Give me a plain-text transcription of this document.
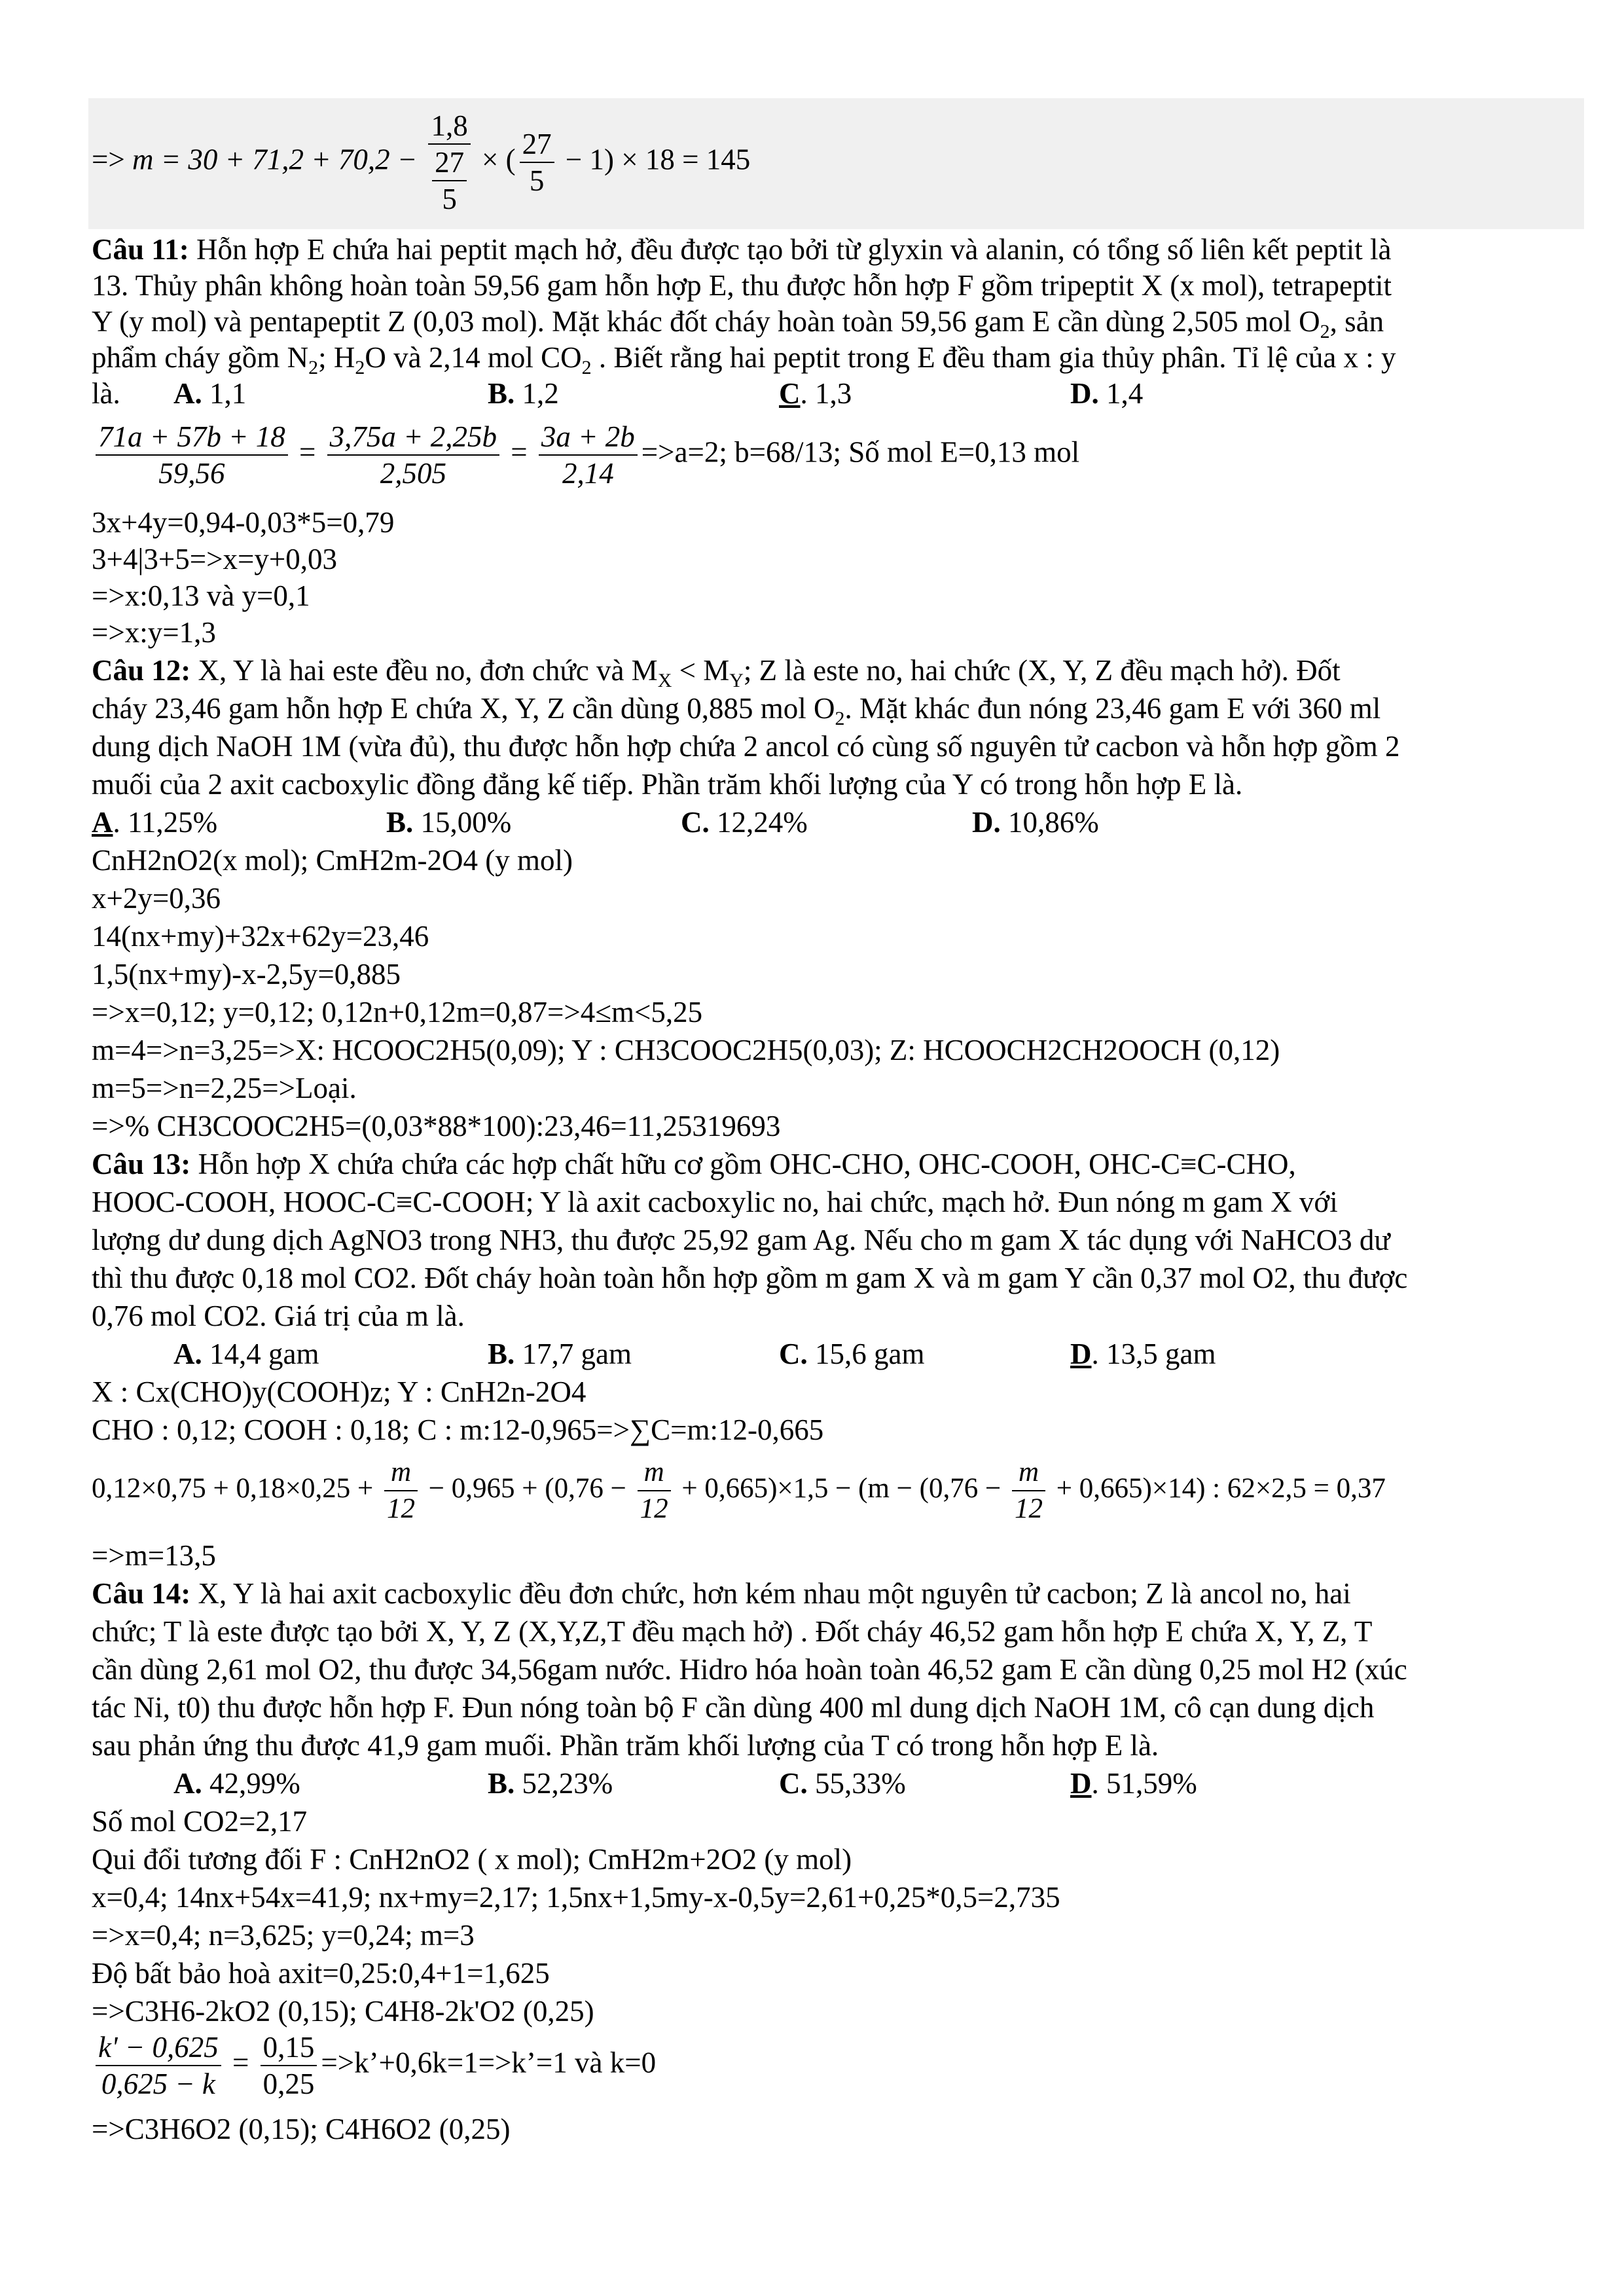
=> $m = 30 + 71,2 + 70,2 - \frac{1,8}{\frac{27}{5}}$ × ( $\frac{27}{5} - 1) \times 18 = 145$
Câu 11: Hỗn hợp E chứa hai peptit mạch hở, đều được tạo bởi từ glyxin và alanin, có tổng số liên kết peptit là
13. Thủy phân không hoàn toàn 59,56 gam hỗn hợp E, thu được hỗn hợp F gồm tripeptit X (x mol), tetrapeptit
Y (y mol) và pentapeptit Z (0,03 mol). Mặt khác đốt cháy hoàn toàn 59,56 gam E cần dùng 2,505 mol $O_2$, sản
phẩm cháy gồm $N_2$; $H_2O$ và 2,14 mol $CO_2$ . Biết rằng hai peptit trong E đều tham gia thủy phân. Tỉ lệ của x : y
là. A. 1,1	B. 1,2	C. 1,3	D. 1,4
$\frac{71a + 57b + 18}{59,56} = \frac{3,75a + 2,25b}{2,505} = \frac{3a + 2b}{2,14} =>a=2$; b=68/13; Số mol E=0,13 mol
3x+4y=0,94-0,03*5=0,79
3+4|3+5=>x=y+0,03
=>x:0,13 và y=0,1
=>x:y=1,3
Câu 12: X, Y là hai este đều no, đơn chức và $M_X < M_Y$; Z là este no, hai chức (X, Y, Z đều mạch hở). Đốt
cháy 23,46 gam hỗn hợp E chứa X, Y, Z cần dùng 0,885 mol $O_2$. Mặt khác đun nóng 23,46 gam E với 360 ml
dung dịch NaOH 1M (vừa đủ), thu được hỗn hợp chứa 2 ancol có cùng số nguyên tử cacbon và hỗn hợp gồm 2
muối của 2 axit cacboxylic đồng đẳng kế tiếp. Phần trăm khối lượng của Y có trong hỗn hợp E là.
A. 11,25%	B. 15,00%	C. 12,24%	D. 10,86%
CnH2nO2(x mol); CmH2m-2O4 (y mol)
x+2y=0,36
14(nx+my)+32x+62y=23,46
1,5(nx+my)-x-2,5y=0,885
=>x=0,12; y=0,12; 0,12n+0,12m=0,87=>4≤m<5,25
m=4=>n=3,25=>X: HCOOC2H5(0,09); Y : CH3COOC2H5(0,03); Z: HCOOCH2CH2OOCH (0,12)
m=5=>n=2,25=>Loại.
=>% CH3COOC2H5=(0,03*88*100):23,46=11,25319693
Câu 13: Hỗn hợp X chứa chứa các hợp chất hữu cơ gồm OHC-CHO, OHC-COOH, OHC-C≡C-CHO,
HOOC-COOH, HOOC-C≡C-COOH; Y là axit cacboxylic no, hai chức, mạch hở. Đun nóng m gam X với
lượng dư dung dịch AgNO3 trong NH3, thu được 25,92 gam Ag. Nếu cho m gam X tác dụng với NaHCO3 dư
thì thu được 0,18 mol CO2. Đốt cháy hoàn toàn hỗn hợp gồm m gam X và m gam Y cần 0,37 mol O2, thu được
0,76 mol CO2. Giá trị của m là.
A. 14,4 gam	B. 17,7 gam	C. 15,6 gam	D. 13,5 gam
X : Cx(CHO)y(COOH)z; Y : CnH2n-2O4
CHO : 0,12; COOH : 0,18; C : m:12-0,965=>∑C=m:12-0,665
$0,12\times 0,75 + 0,18\times 0,25 + \frac{m}{12} - 0,965 + (0,76 - \frac{m}{12} + 0,665)\times 1,5 - (m - (0,76 - \frac{m}{12} + 0,665)\times 14)$ : 62×2,5 = 0,37
=>m=13,5
Câu 14: X, Y là hai axit cacboxylic đều đơn chức, hơn kém nhau một nguyên tử cacbon; Z là ancol no, hai
chức; T là este được tạo bởi X, Y, Z (X,Y,Z,T đều mạch hở) . Đốt cháy 46,52 gam hỗn hợp E chứa X, Y, Z, T
cần dùng 2,61 mol O2, thu được 34,56gam nước. Hidro hóa hoàn toàn 46,52 gam E cần dùng 0,25 mol H2 (xúc
tác Ni, t0) thu được hỗn hợp F. Đun nóng toàn bộ F cần dùng 400 ml dung dịch NaOH 1M, cô cạn dung dịch
sau phản ứng thu được 41,9 gam muối. Phần trăm khối lượng của T có trong hỗn hợp E là.
A. 42,99%	B. 52,23%	C. 55,33%	D. 51,59%
Số mol CO2=2,17
Qui đổi tương đối F : CnH2nO2 ( x mol); CmH2m+2O2 (y mol)
x=0,4; 14nx+54x=41,9; nx+my=2,17; 1,5nx+1,5my-x-0,5y=2,61+0,25*0,5=2,735
=>x=0,4; n=3,625; y=0,24; m=3
Độ bất bảo hoà axit=0,25:0,4+1=1,625
=>C3H6-2kO2 (0,15); C4H8-2k'O2 (0,25)
$\frac{k' - 0,625}{0,625 - k} = \frac{0,15}{0,25}$ =>k’+0,6k=1=>k’=1 và k=0
=>C3H6O2 (0,15); C4H6O2 (0,25)
